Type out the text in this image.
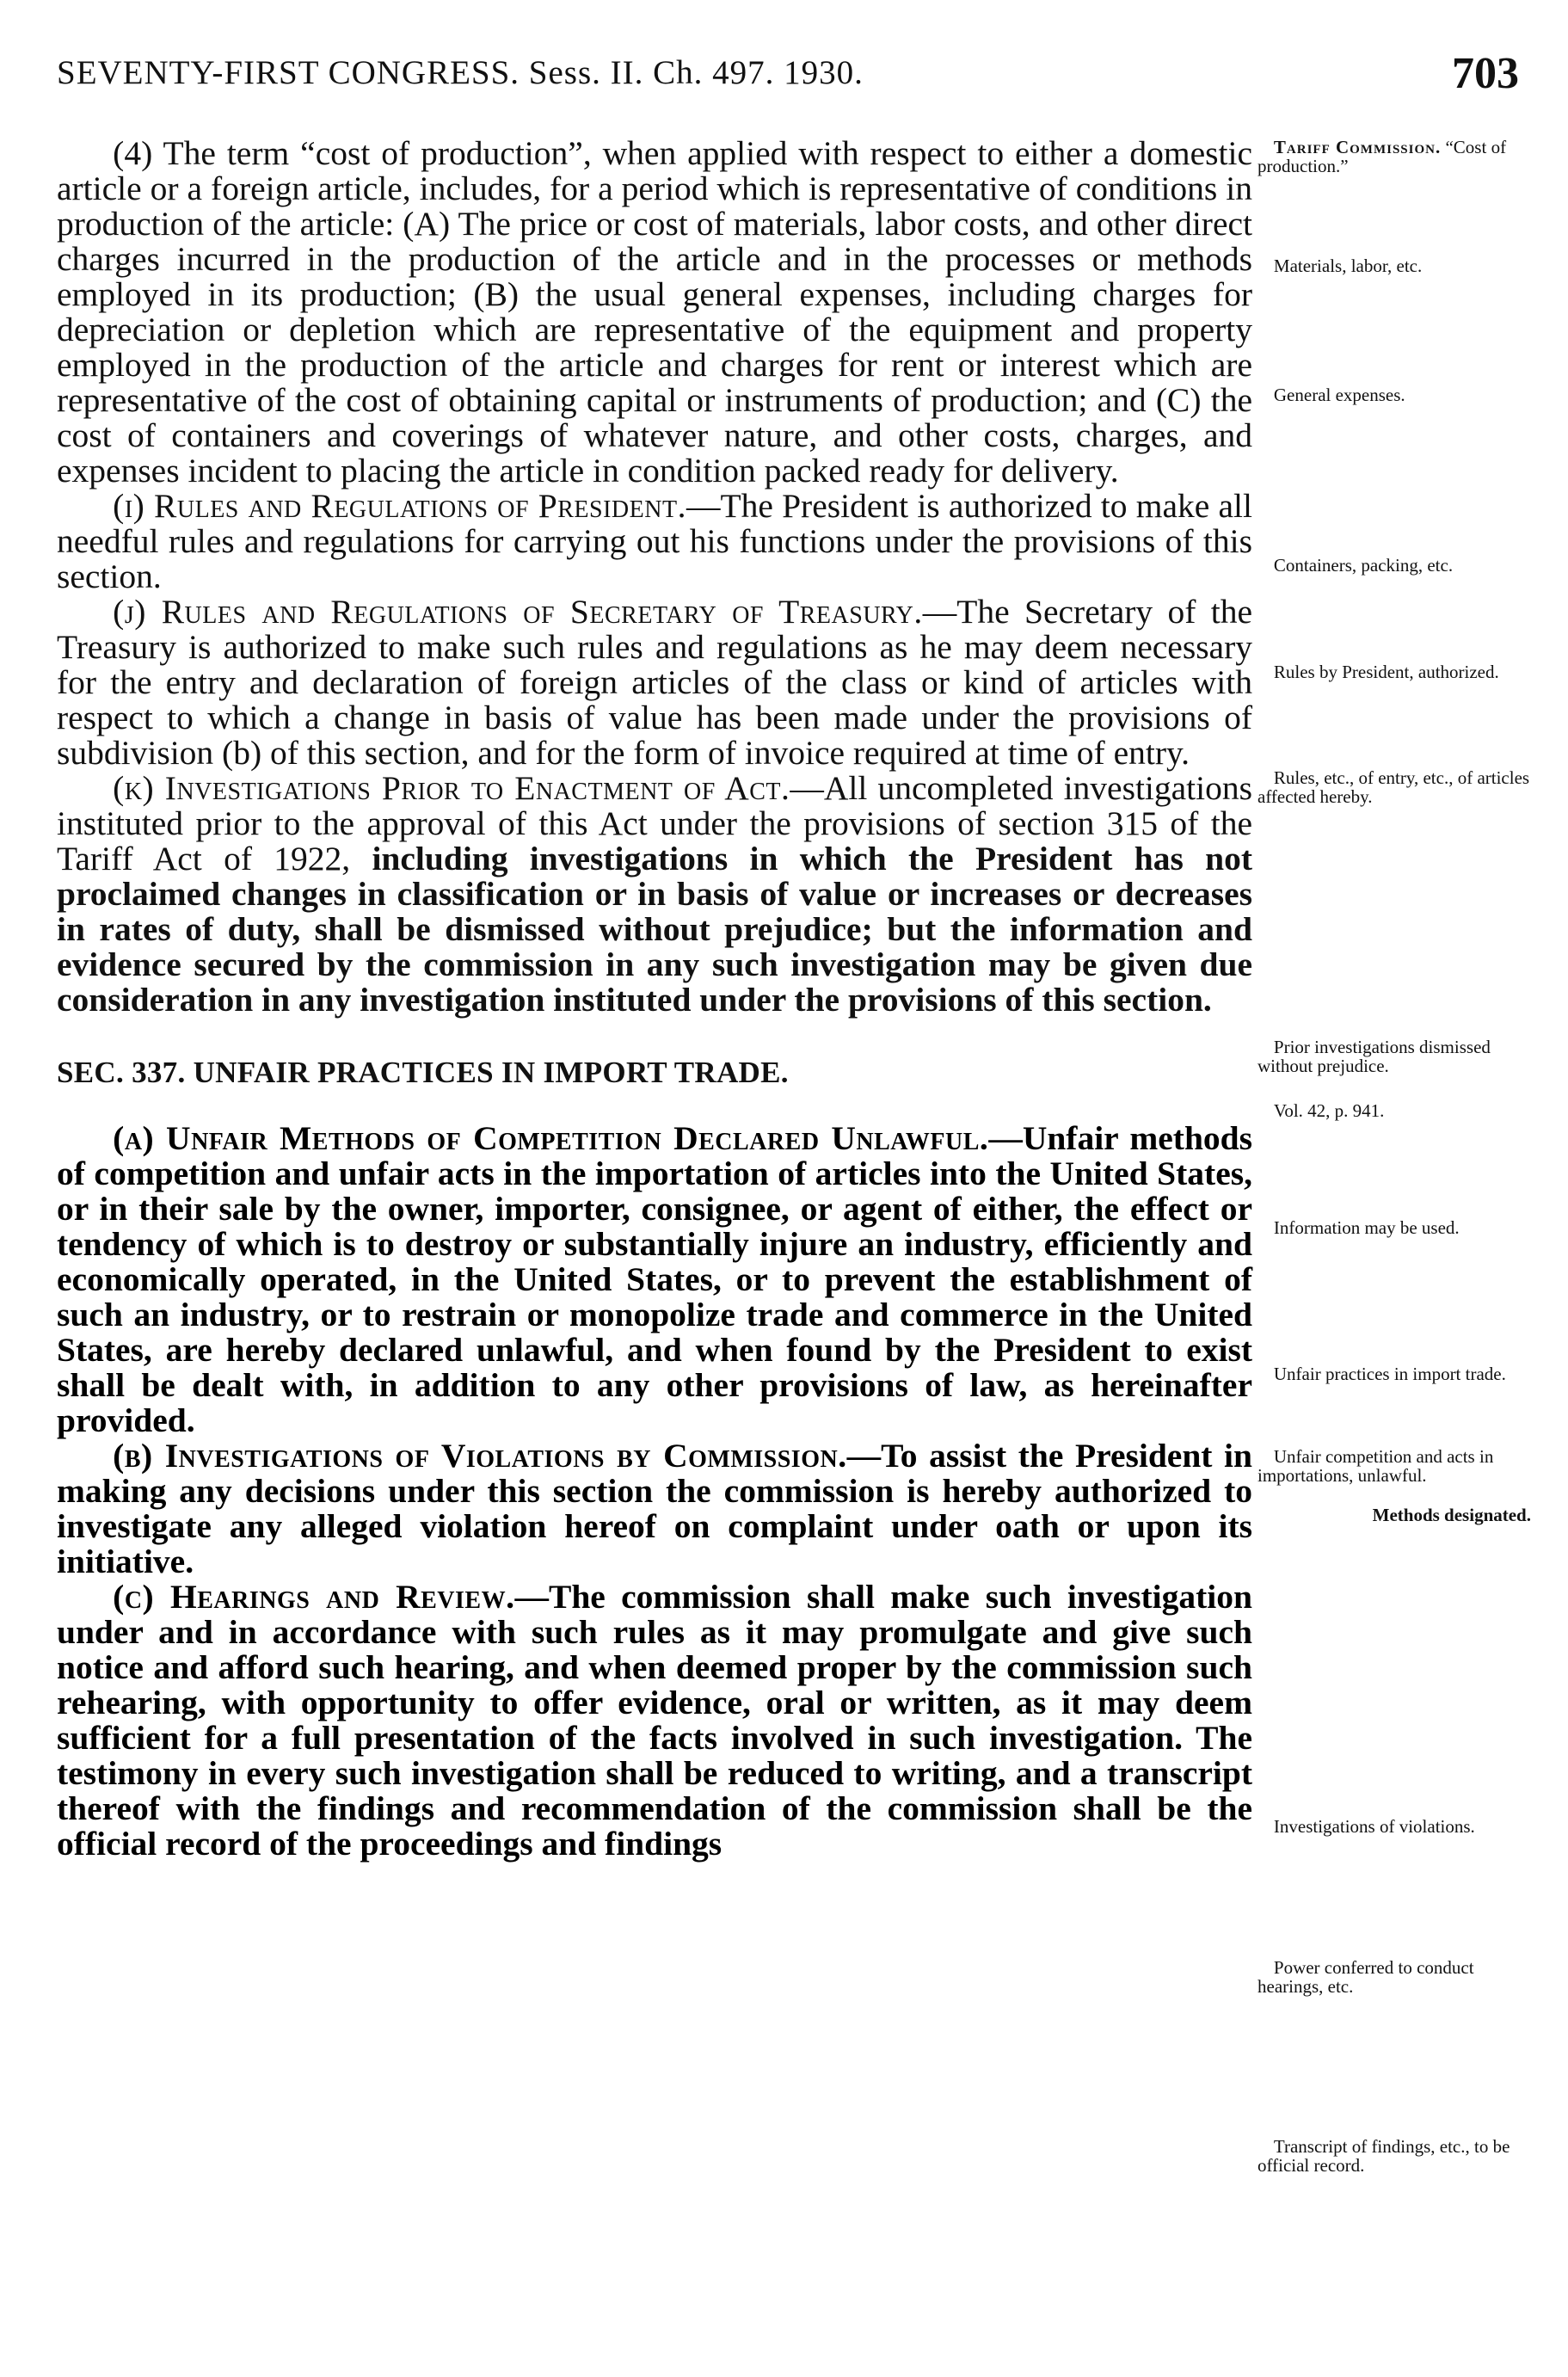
SEVENTY-FIRST CONGRESS. Sess. II. Ch. 497. 1930.	703

(4) The term “cost of production”, when applied with respect to either a domestic article or a foreign article, includes, for a period which is representative of conditions in production of the article: (A) The price or cost of materials, labor costs, and other direct charges incurred in the production of the article and in the processes or methods employed in its production; (B) the usual general expenses, including charges for depreciation or depletion which are representative of the equipment and property employed in the production of the article and charges for rent or interest which are representative of the cost of obtaining capital or instruments of production; and (C) the cost of containers and coverings of whatever nature, and other costs, charges, and expenses incident to placing the article in condition packed ready for delivery.

(i) Rules and Regulations of President.—The President is authorized to make all needful rules and regulations for carrying out his functions under the provisions of this section.

(j) Rules and Regulations of Secretary of Treasury.—The Secretary of the Treasury is authorized to make such rules and regulations as he may deem necessary for the entry and declaration of foreign articles of the class or kind of articles with respect to which a change in basis of value has been made under the provisions of subdivision (b) of this section, and for the form of invoice required at time of entry.

(k) Investigations Prior to Enactment of Act.—All uncompleted investigations instituted prior to the approval of this Act under the provisions of section 315 of the Tariff Act of 1922, including investigations in which the President has not proclaimed changes in classification or in basis of value or increases or decreases in rates of duty, shall be dismissed without prejudice; but the information and evidence secured by the commission in any such investigation may be given due consideration in any investigation instituted under the provisions of this section.

SEC. 337. UNFAIR PRACTICES IN IMPORT TRADE.

(a) Unfair Methods of Competition Declared Unlawful.—Unfair methods of competition and unfair acts in the importation of articles into the United States, or in their sale by the owner, importer, consignee, or agent of either, the effect or tendency of which is to destroy or substantially injure an industry, efficiently and economically operated, in the United States, or to prevent the establishment of such an industry, or to restrain or monopolize trade and commerce in the United States, are hereby declared unlawful, and when found by the President to exist shall be dealt with, in addition to any other provisions of law, as hereinafter provided.

(b) Investigations of Violations by Commission.—To assist the President in making any decisions under this section the commission is hereby authorized to investigate any alleged violation hereof on complaint under oath or upon its initiative.

(c) Hearings and Review.—The commission shall make such investigation under and in accordance with such rules as it may promulgate and give such notice and afford such hearing, and when deemed proper by the commission such rehearing, with opportunity to offer evidence, oral or written, as it may deem sufficient for a full presentation of the facts involved in such investigation. The testimony in every such investigation shall be reduced to writing, and a transcript thereof with the findings and recommendation of the commission shall be the official record of the proceedings and findings

Tariff Commission. “Cost of production.”
Materials, labor, etc.
General expenses.
Containers, packing, etc.
Rules by President, authorized.
Rules, etc., of entry, etc., of articles affected hereby.
Prior investigations dismissed without prejudice.
Vol. 42, p. 941.
Information may be used.
Unfair practices in import trade.
Unfair competition and acts in importations, unlawful.
Methods designated.
Investigations of violations.
Power conferred to conduct hearings, etc.
Transcript of findings, etc., to be official record.
